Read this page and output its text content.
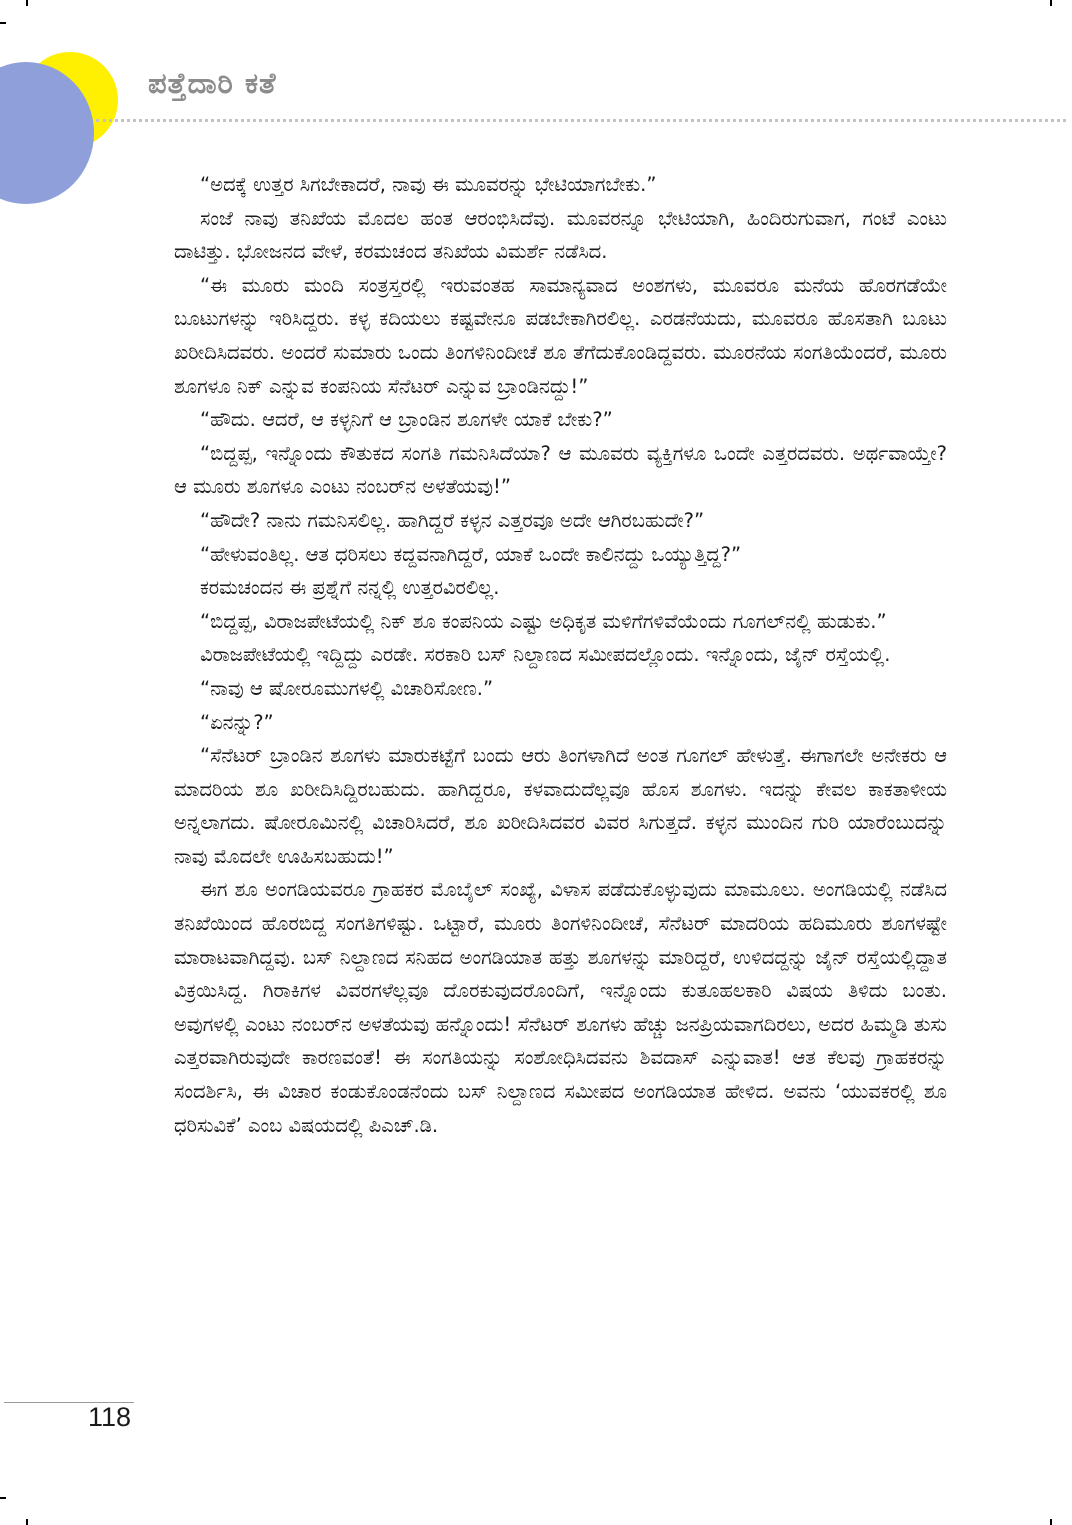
ಪತ್ತೆದಾರಿ ಕತೆ

“ಅದಕ್ಕೆ ಉತ್ತರ ಸಿಗಬೇಕಾದರೆ, ನಾವು ಈ ಮೂವರನ್ನು ಭೇಟಿಯಾಗಬೇಕು.”

ಸಂಜೆ ನಾವು ತನಿಖೆಯ ಮೊದಲ ಹಂತ ಆರಂಭಿಸಿದೆವು. ಮೂವರನ್ನೂ ಭೇಟಿಯಾಗಿ, ಹಿಂದಿರುಗುವಾಗ, ಗಂಟೆ ಎಂಟು ದಾಟಿತ್ತು. ಭೋಜನದ ವೇಳೆ, ಕರಮಚಂದ ತನಿಖೆಯ ವಿಮರ್ಶೆ ನಡೆಸಿದ.

“ಈ ಮೂರು ಮಂದಿ ಸಂತ್ರಸ್ತರಲ್ಲಿ ಇರುವಂತಹ ಸಾಮಾನ್ಯವಾದ ಅಂಶಗಳು, ಮೂವರೂ ಮನೆಯ ಹೊರಗಡೆಯೇ ಬೂಟುಗಳನ್ನು ಇರಿಸಿದ್ದರು. ಕಳ್ಳ ಕದಿಯಲು ಕಷ್ಟವೇನೂ ಪಡಬೇಕಾಗಿರಲಿಲ್ಲ. ಎರಡನೆಯದು, ಮೂವರೂ ಹೊಸತಾಗಿ ಬೂಟು ಖರೀದಿಸಿದವರು. ಅಂದರೆ ಸುಮಾರು ಒಂದು ತಿಂಗಳಿನಿಂದೀಚೆ ಶೂ ತೆಗೆದುಕೊಂಡಿದ್ದವರು. ಮೂರನೆಯ ಸಂಗತಿಯೆಂದರೆ, ಮೂರು ಶೂಗಳೂ ನಿಕ್ ಎನ್ನುವ ಕಂಪನಿಯ ಸೆನೆಟರ್ ಎನ್ನುವ ಬ್ರಾಂಡಿನದ್ದು!”

“ಹೌದು. ಆದರೆ, ಆ ಕಳ್ಳನಿಗೆ ಆ ಬ್ರಾಂಡಿನ ಶೂಗಳೇ ಯಾಕೆ ಬೇಕು?”

“ಬಿದ್ದಪ್ಪ, ಇನ್ನೊಂದು ಕೌತುಕದ ಸಂಗತಿ ಗಮನಿಸಿದೆಯಾ? ಆ ಮೂವರು ವ್ಯಕ್ತಿಗಳೂ ಒಂದೇ ಎತ್ತರದವರು. ಅರ್ಥವಾಯ್ತೇ? ಆ ಮೂರು ಶೂಗಳೂ ಎಂಟು ನಂಬರ್‌ನ ಅಳತೆಯವು!”

“ಹೌದೇ? ನಾನು ಗಮನಿಸಲಿಲ್ಲ. ಹಾಗಿದ್ದರೆ ಕಳ್ಳನ ಎತ್ತರವೂ ಅದೇ ಆಗಿರಬಹುದೇ?”

“ಹೇಳುವಂತಿಲ್ಲ. ಆತ ಧರಿಸಲು ಕದ್ದವನಾಗಿದ್ದರೆ, ಯಾಕೆ ಒಂದೇ ಕಾಲಿನದ್ದು ಒಯ್ಯುತ್ತಿದ್ದ?”

ಕರಮಚಂದನ ಈ ಪ್ರಶ್ನೆಗೆ ನನ್ನಲ್ಲಿ ಉತ್ತರವಿರಲಿಲ್ಲ.

“ಬಿದ್ದಪ್ಪ, ವಿರಾಜಪೇಟೆಯಲ್ಲಿ ನಿಕ್ ಶೂ ಕಂಪನಿಯ ಎಷ್ಟು ಅಧಿಕೃತ ಮಳಿಗೆಗಳಿವೆಯೆಂದು ಗೂಗಲ್‌ನಲ್ಲಿ ಹುಡುಕು.”

ವಿರಾಜಪೇಟೆಯಲ್ಲಿ ಇದ್ದಿದ್ದು ಎರಡೇ. ಸರಕಾರಿ ಬಸ್ ನಿಲ್ದಾಣದ ಸಮೀಪದಲ್ಲೊಂದು. ಇನ್ನೊಂದು, ಜೈನ್ ರಸ್ತೆಯಲ್ಲಿ.

“ನಾವು ಆ ಷೋರೂಮುಗಳಲ್ಲಿ ವಿಚಾರಿಸೋಣ.”

“ಏನನ್ನು?”

“ಸೆನೆಟರ್ ಬ್ರಾಂಡಿನ ಶೂಗಳು ಮಾರುಕಟ್ಟೆಗೆ ಬಂದು ಆರು ತಿಂಗಳಾಗಿದೆ ಅಂತ ಗೂಗಲ್ ಹೇಳುತ್ತೆ. ಈಗಾಗಲೇ ಅನೇಕರು ಆ ಮಾದರಿಯ ಶೂ ಖರೀದಿಸಿದ್ದಿರಬಹುದು. ಹಾಗಿದ್ದರೂ, ಕಳವಾದುದೆಲ್ಲವೂ ಹೊಸ ಶೂಗಳು. ಇದನ್ನು ಕೇವಲ ಕಾಕತಾಳೀಯ ಅನ್ನಲಾಗದು. ಷೋರೂಮಿನಲ್ಲಿ ವಿಚಾರಿಸಿದರೆ, ಶೂ ಖರೀದಿಸಿದವರ ವಿವರ ಸಿಗುತ್ತದೆ. ಕಳ್ಳನ ಮುಂದಿನ ಗುರಿ ಯಾರೆಂಬುದನ್ನು ನಾವು ಮೊದಲೇ ಊಹಿಸಬಹುದು!”

ಈಗ ಶೂ ಅಂಗಡಿಯವರೂ ಗ್ರಾಹಕರ ಮೊಬೈಲ್ ಸಂಖ್ಯೆ, ವಿಳಾಸ ಪಡೆದುಕೊಳ್ಳುವುದು ಮಾಮೂಲು. ಅಂಗಡಿಯಲ್ಲಿ ನಡೆಸಿದ ತನಿಖೆಯಿಂದ ಹೊರಬಿದ್ದ ಸಂಗತಿಗಳಿಷ್ಟು. ಒಟ್ಟಾರೆ, ಮೂರು ತಿಂಗಳಿನಿಂದೀಚೆ, ಸೆನೆಟರ್ ಮಾದರಿಯ ಹದಿಮೂರು ಶೂಗಳಷ್ಟೇ ಮಾರಾಟವಾಗಿದ್ದವು. ಬಸ್ ನಿಲ್ದಾಣದ ಸನಿಹದ ಅಂಗಡಿಯಾತ ಹತ್ತು ಶೂಗಳನ್ನು ಮಾರಿದ್ದರೆ, ಉಳಿದದ್ದನ್ನು ಜೈನ್ ರಸ್ತೆಯಲ್ಲಿದ್ದಾತ ವಿಕ್ರಯಿಸಿದ್ದ. ಗಿರಾಕಿಗಳ ವಿವರಗಳೆಲ್ಲವೂ ದೊರಕುವುದರೊಂದಿಗೆ, ಇನ್ನೊಂದು ಕುತೂಹಲಕಾರಿ ವಿಷಯ ತಿಳಿದು ಬಂತು. ಅವುಗಳಲ್ಲಿ ಎಂಟು ನಂಬರ್‌ನ ಅಳತೆಯವು ಹನ್ನೊಂದು! ಸೆನೆಟರ್ ಶೂಗಳು ಹೆಚ್ಚು ಜನಪ್ರಿಯವಾಗದಿರಲು, ಅದರ ಹಿಮ್ಮಡಿ ತುಸು ಎತ್ತರವಾಗಿರುವುದೇ ಕಾರಣವಂತೆ! ಈ ಸಂಗತಿಯನ್ನು ಸಂಶೋಧಿಸಿದವನು ಶಿವದಾಸ್ ಎನ್ನುವಾತ! ಆತ ಕೆಲವು ಗ್ರಾಹಕರನ್ನು ಸಂದರ್ಶಿಸಿ, ಈ ವಿಚಾರ ಕಂಡುಕೊಂಡನೆಂದು ಬಸ್ ನಿಲ್ದಾಣದ ಸಮೀಪದ ಅಂಗಡಿಯಾತ ಹೇಳಿದ. ಅವನು ‘ಯುವಕರಲ್ಲಿ ಶೂ ಧರಿಸುವಿಕೆ’ ಎಂಬ ವಿಷಯದಲ್ಲಿ ಪಿಎಚ್.ಡಿ.

118
